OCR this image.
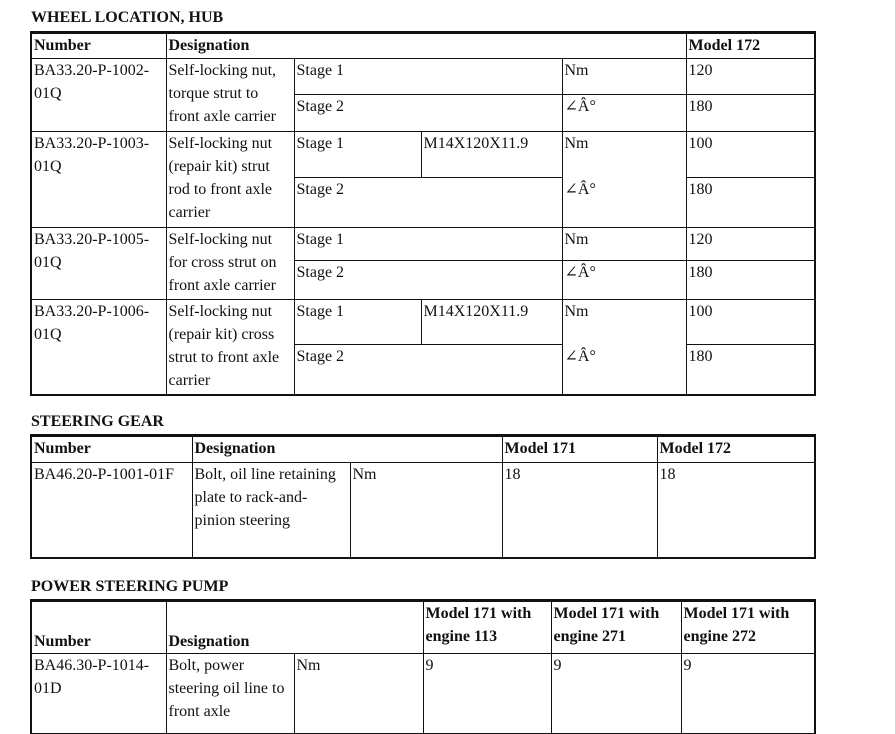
WHEEL LOCATION, HUB
Number	Designation				Model 172
BA33.20-P-1002-01Q	Self-locking nut, torque strut to front axle carrier	Stage 1		Nm	120
		Stage 2		∠Â°	180
BA33.20-P-1003-01Q	Self-locking nut (repair kit) strut rod to front axle carrier	Stage 1	M14X120X11.9	Nm	100
		Stage 2		∠Â°	180
BA33.20-P-1005-01Q	Self-locking nut for cross strut on front axle carrier	Stage 1		Nm	120
		Stage 2		∠Â°	180
BA33.20-P-1006-01Q	Self-locking nut (repair kit) cross strut to front axle carrier	Stage 1	M14X120X11.9	Nm	100
		Stage 2		∠Â°	180
STEERING GEAR
Number	Designation		Model 171	Model 172
BA46.20-P-1001-01F	Bolt, oil line retaining plate to rack-and-pinion steering	Nm	18	18
POWER STEERING PUMP
Number	Designation		Model 171 with engine 113	Model 171 with engine 271	Model 171 with engine 272
BA46.30-P-1014-01D	Bolt, power steering oil line to front axle	Nm	9	9	9
